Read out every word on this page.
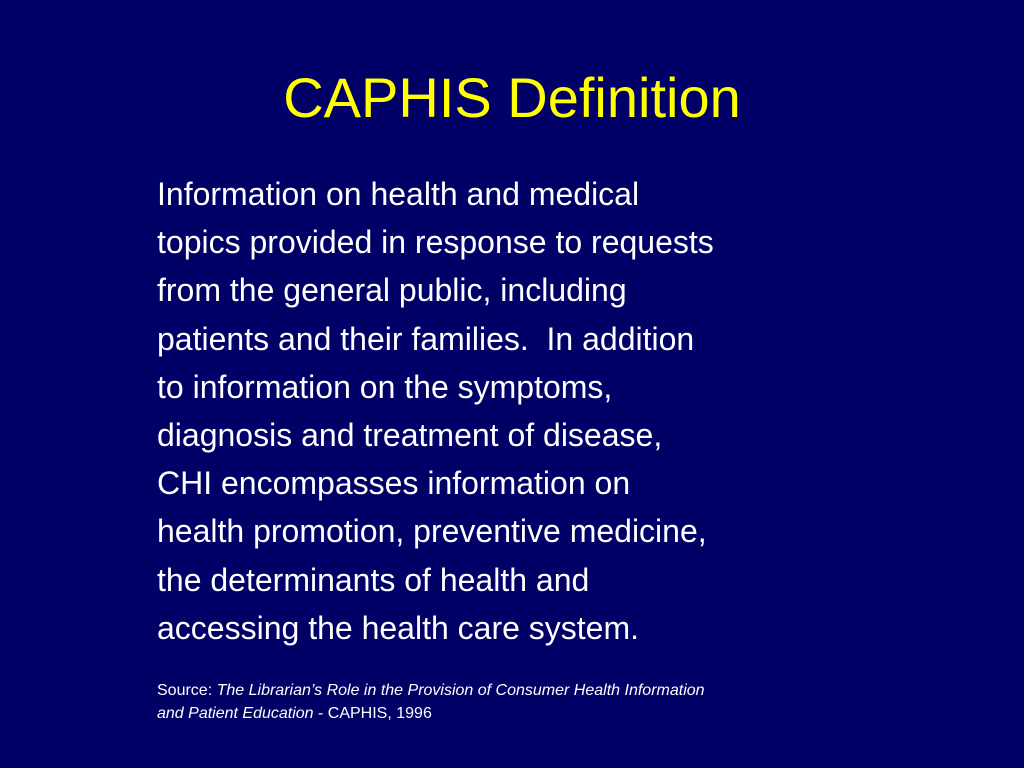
CAPHIS Definition
Information on health and medical
topics provided in response to requests
from the general public, including
patients and their families.  In addition
to information on the symptoms,
diagnosis and treatment of disease,
CHI encompasses information on
health promotion, preventive medicine,
the determinants of health and
accessing the health care system.
Source: The Librarian’s Role in the Provision of Consumer Health Information
and Patient Education - CAPHIS, 1996
